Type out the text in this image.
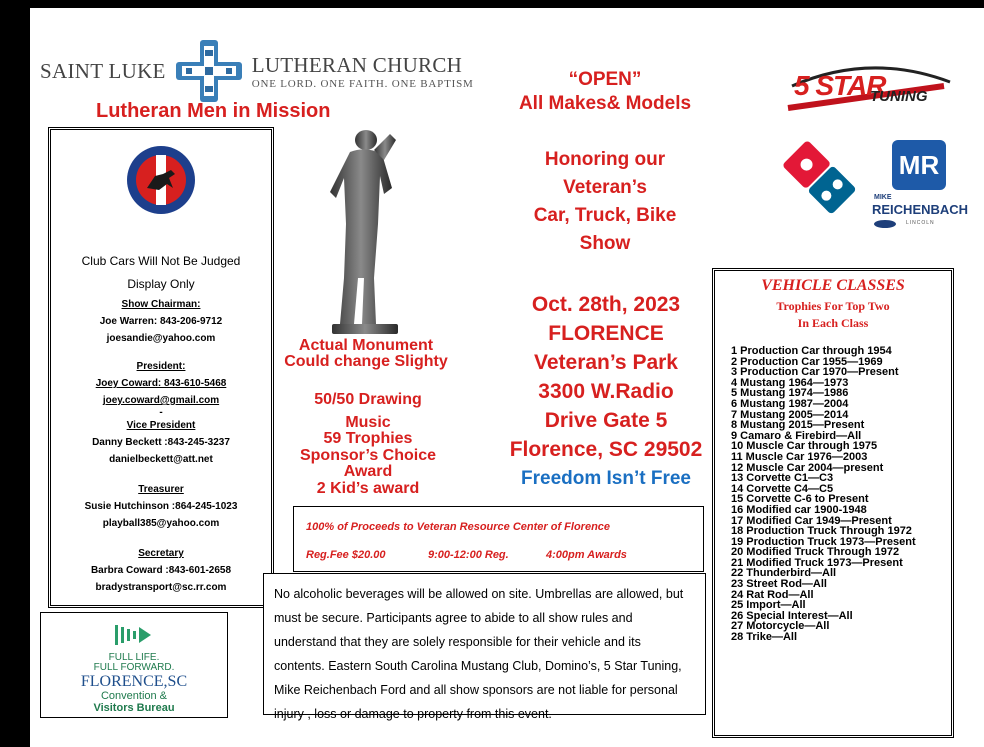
SAINT LUKE	LUTHERAN CHURCH
ONE LORD. ONE FAITH. ONE BAPTISM
Lutheran Men in Mission
“OPEN”
All Makes& Models
Honoring our
Veteran’s
Car, Truck, Bike
Show
Oct. 28th, 2023
FLORENCE
Veteran’s Park
3300 W.Radio
Drive Gate 5
Florence, SC 29502
Freedom Isn’t Free
Actual Monument
Could change Slighty
50/50 Drawing
Music
59 Trophies
Sponsor’s Choice
Award
2 Kid’s award
5 STAR
TUNING
MR
MIKE
REICHENBACH
LINCOLN
Club Cars Will Not Be Judged
Display Only
Show Chairman:
Joe Warren: 843-206-9712
joesandie@yahoo.com
President:
Joey Coward: 843-610-5468
joey.coward@gmail.com
-
Vice President
Danny Beckett :843-245-3237
danielbeckett@att.net
Treasurer
Susie Hutchinson :864-245-1023
playball385@yahoo.com
Secretary
Barbra Coward :843-601-2658
bradystransport@sc.rr.com
FULL LIFE.
FULL FORWARD.
FLORENCE,SC
Convention &
Visitors Bureau
100% of Proceeds to Veteran Resource Center of Florence
Reg.Fee $20.00	9:00-12:00 Reg.	4:00pm Awards
No alcoholic beverages will be allowed on site. Umbrellas are allowed, but must be secure. Participants agree to abide to all show rules and understand that they are solely responsible for their vehicle and its contents. Eastern South Carolina Mustang Club, Domino’s, 5 Star Tuning, Mike Reichenbach Ford and all show sponsors are not liable for personal injury , loss or damage to property from this event.
VEHICLE CLASSES
Trophies For Top Two
In Each Class
1 Production Car through 1954
2 Production Car 1955—1969
3 Production Car 1970—Present
4 Mustang 1964—1973
5 Mustang 1974—1986
6 Mustang 1987—2004
7 Mustang 2005—2014
8 Mustang 2015—Present
9 Camaro & Firebird—All
10 Muscle Car through 1975
11 Muscle Car 1976—2003
12 Muscle Car 2004—present
13 Corvette C1—C3
14 Corvette C4—C5
15 Corvette C-6 to Present
16 Modified car 1900-1948
17 Modified Car 1949—Present
18 Production Truck Through 1972
19 Production Truck 1973—Present
20 Modified Truck Through 1972
21 Modified Truck 1973—Present
22 Thunderbird—All
23 Street Rod—All
24 Rat Rod—All
25 Import—All
26 Special Interest—All
27 Motorcycle—All
28 Trike—All
